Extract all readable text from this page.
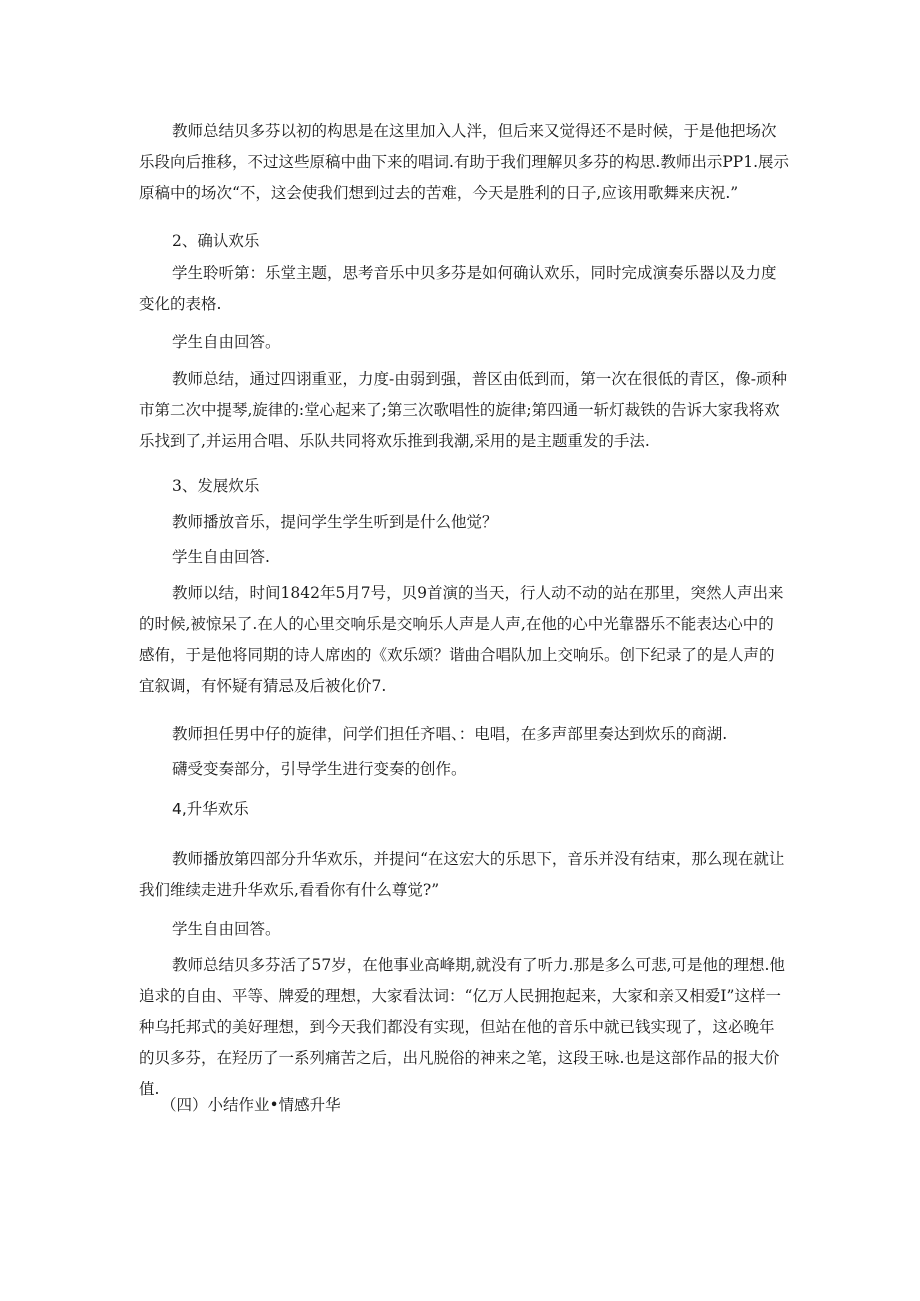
教师总结贝多芬以初的构思是在这里加入人泮，但后来又觉得还不是时候，于是他把场次乐段向后推移，不过这些原稿中曲下来的唱词.有助于我们理解贝多芬的构思.教师出示PP1.展示原稿中的场次“不，这会使我们想到过去的苦难，今天是胜利的日子,应该用歌舞来庆祝.”

2、确认欢乐

学生聆听第：乐堂主题，思考音乐中贝多芬是如何确认欢乐，同时完成演奏乐器以及力度变化的表格.

学生自由回答。

教师总结，通过四诩重亚，力度-由弱到强，普区由低到而，第一次在很低的青区，像-顽种市第二次中提琴,旋律的:堂心起来了;第三次歌唱性的旋律;第四通一斩灯裁铁的告诉大家我将欢乐找到了,并运用合唱、乐队共同将欢乐推到我潮,采用的是主题重发的手法.

3、发展炊乐

教师播放音乐，提问学生学生听到是什么他觉？

学生自由回答.

教师以结，时间1842年5月7号，贝9首演的当天，行人动不动的站在那里，突然人声出来的时候,被惊呆了.在人的心里交响乐是交响乐人声是人声,在他的心中光靠器乐不能表达心中的感侑，于是他将同期的诗人席凼的《欢乐颂？谐曲合唱队加上交响乐。创下纪录了的是人声的宜叙调，有怀疑有猜忌及后被化价7.

教师担任男中仔的旋律，问学们担任齐唱、：电唱，在多声部里奏达到炊乐的商湖.

礴受变奏部分，引导学生进行变奏的创作。

4,升华欢乐

教师播放第四部分升华欢乐，并提问“在这宏大的乐思下，音乐并没有结束，那么现在就让我们维续走进升华欢乐,看看你有什么尊觉?”

学生自由回答。

教师总结贝多芬活了57岁，在他事业高峰期,就没有了听力.那是多么可悲,可是他的理想.他追求的自由、平等、牌爱的理想，大家看汰词：“亿万人民拥抱起来，大家和亲又相爱I”这样一种乌托邦式的美好理想，到今天我们都没有实现，但站在他的音乐中就已钱实现了，这必晚年的贝多芬，在羟历了一系列痛苦之后，出凡脱俗的神来之笔，这段王咏.也是这部作品的报大价值.

（四）小结作业•情感升华
